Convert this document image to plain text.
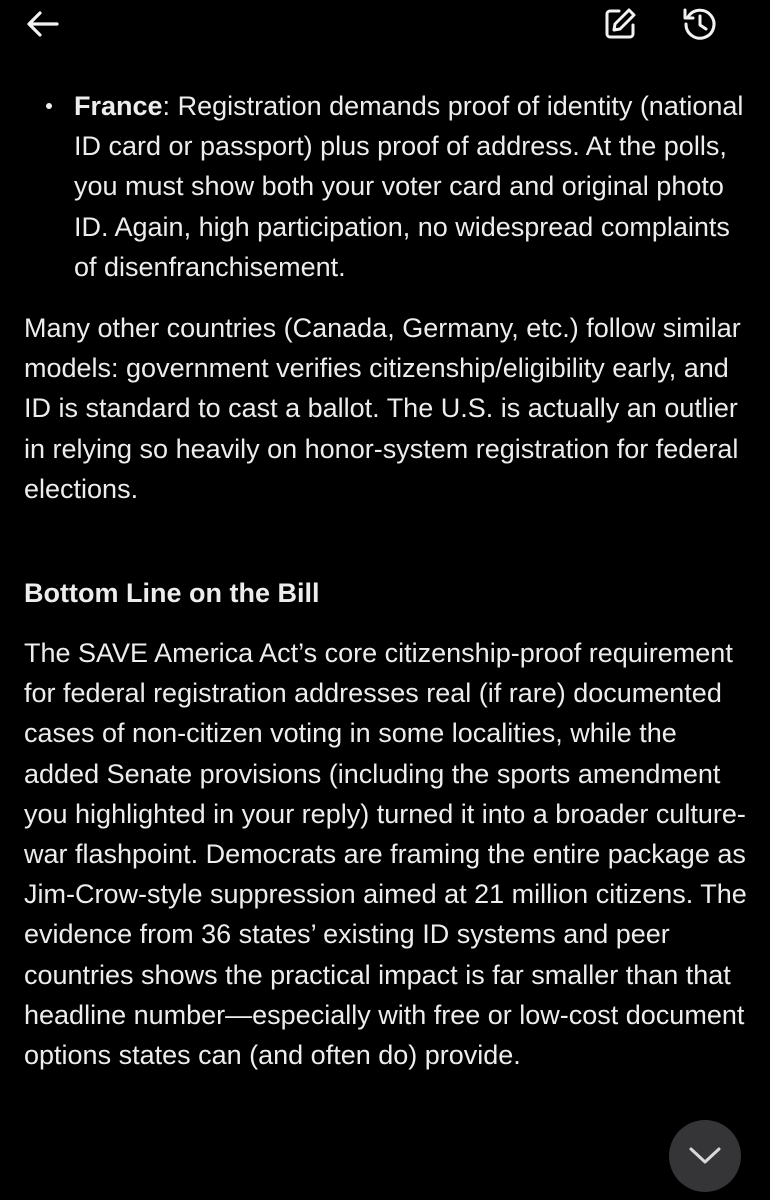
France: Registration demands proof of identity (national ID card or passport) plus proof of address. At the polls, you must show both your voter card and original photo ID. Again, high participation, no widespread complaints of disenfranchisement.

Many other countries (Canada, Germany, etc.) follow similar models: government verifies citizenship/​eligibility early, and ID is standard to cast a ballot. The U.S. is actually an outlier in relying so heavily on honor-system registration for federal elections.

Bottom Line on the Bill

The SAVE America Act’s core citizenship-proof requirement for federal registration addresses real (if rare) documented cases of non-citizen voting in some localities, while the added Senate provisions (including the sports amendment you highlighted in your reply) turned it into a broader culture-war flashpoint. Democrats are framing the entire package as Jim-Crow-style suppression aimed at 21 million citizens. The evidence from 36 states’ existing ID systems and peer countries shows the practical impact is far smaller than that headline number—especially with free or low-cost document options states can (and often do) provide.
